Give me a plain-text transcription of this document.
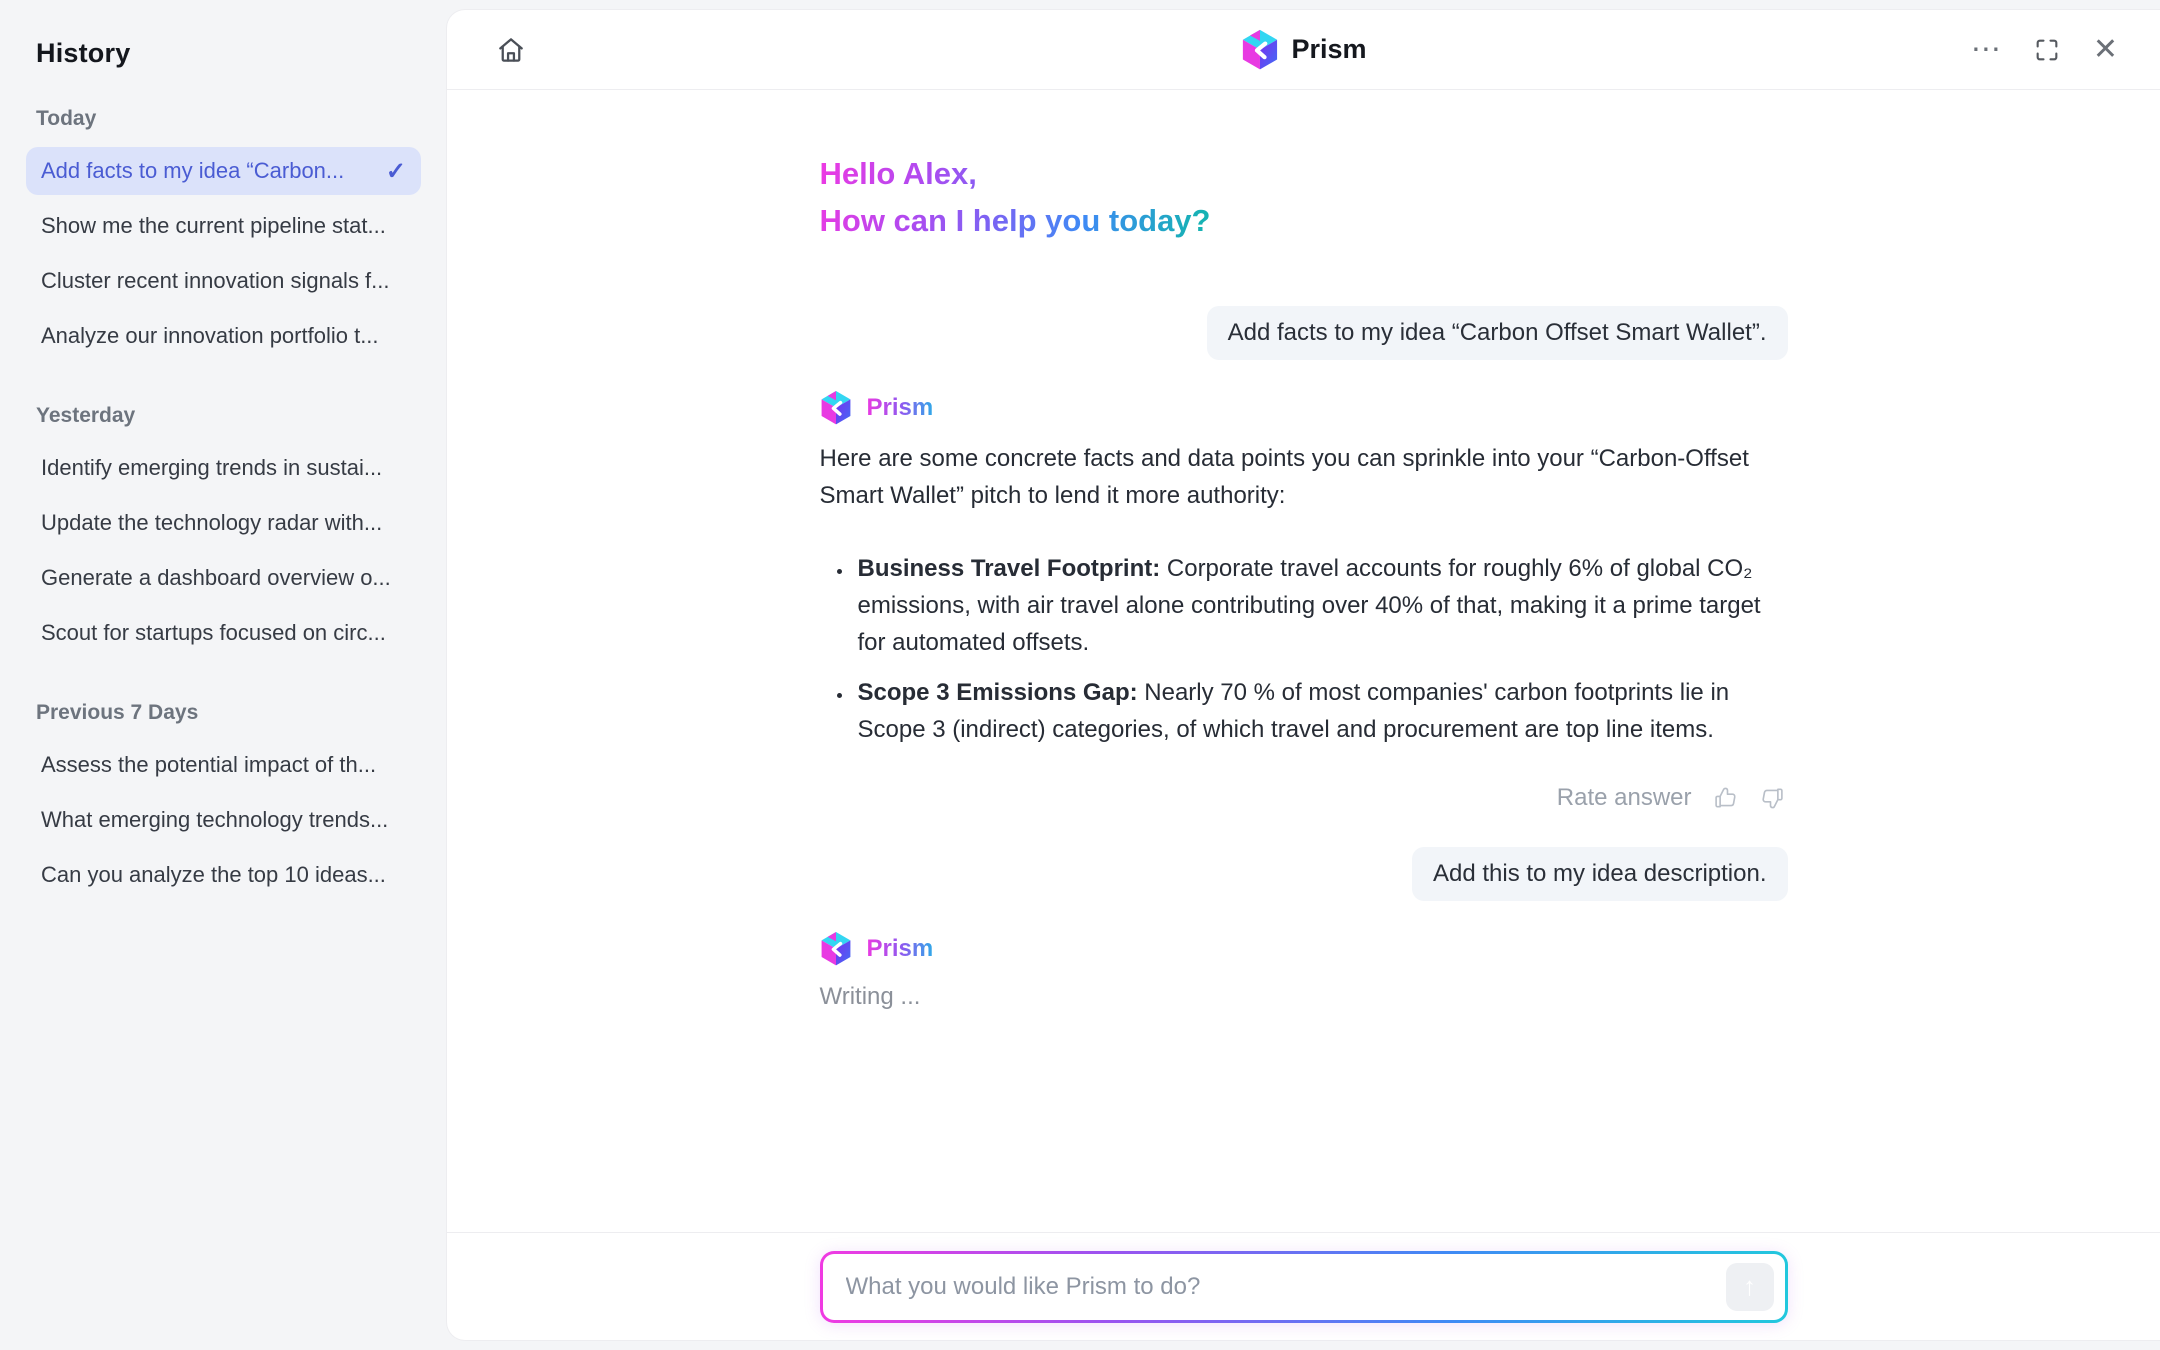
History
Today
Add facts to my idea “Carbon... ✓
Show me the current pipeline stat...
Cluster recent innovation signals f...
Analyze our innovation portfolio t...
Yesterday
Identify emerging trends in sustai...
Update the technology radar with...
Generate a dashboard overview o...
Scout for startups focused on circ...
Previous 7 Days
Assess the potential impact of th...
What emerging technology trends...
Can you analyze the top 10 ideas...
Prism	⋯	✕
Hello Alex,
How can I help you today?
Add facts to my idea “Carbon Offset Smart Wallet”.
Prism

Here are some concrete facts and data points you can sprinkle into your “Carbon-Offset Smart Wallet” pitch to lend it more authority:

• Business Travel Footprint: Corporate travel accounts for roughly 6% of global CO₂ emissions, with air travel alone contributing over 40% of that, making it a prime target for automated offsets.
• Scope 3 Emissions Gap: Nearly 70 % of most companies' carbon footprints lie in Scope 3 (indirect) categories, of which travel and procurement are top line items.
Rate answer
Add this to my idea description.
Prism
Writing ...
What you would like Prism to do?
↑
